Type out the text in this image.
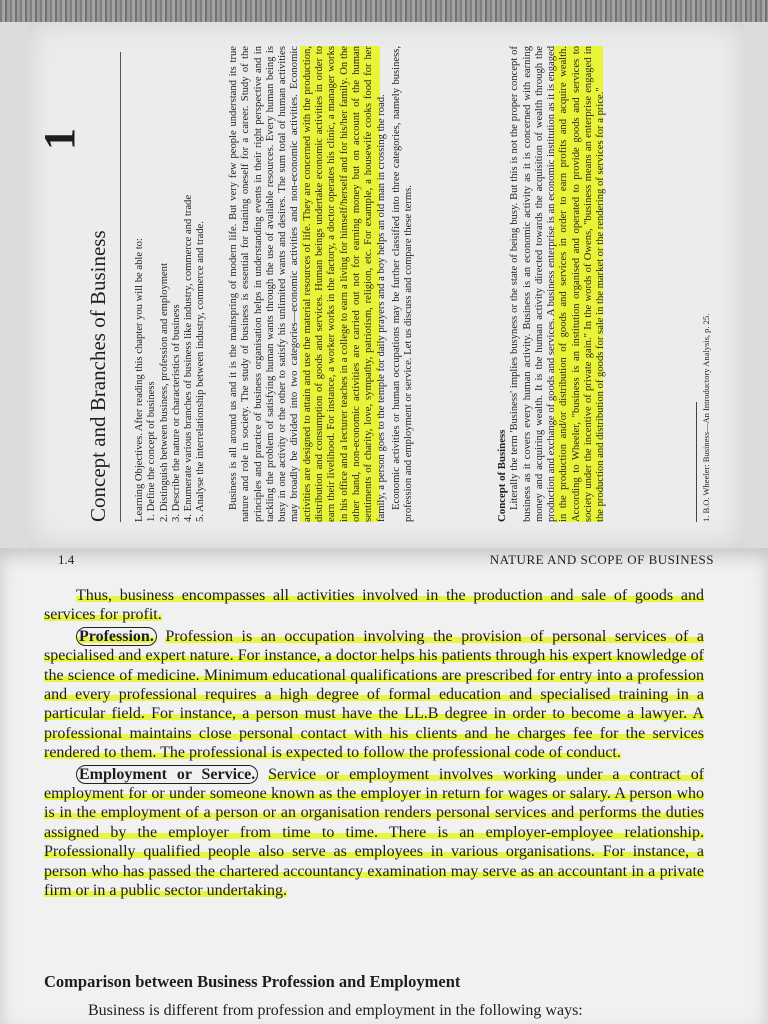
1
Concept and Branches of Business Learning Objectives. After reading this chapter you will be able to: 1. Define the concept of business 2. Distinguish between business, profession and employment 3. Describe the nature or characteristics of business 4. Enumerate various branches of business like industry, commerce and trade 5. Analyse the interrelationship between industry, commerce and trade. Business is all around us and it is the mainspring of modern life. But very few people understand its true nature and role in society. The study of business is essential for training oneself for a career. Study of the principles and practice of business organisation helps in understanding events in their right perspective and in tackling the problem of satisfying human wants through the use of available resources. Every human being is busy in one activity or the other to satisfy his unlimited wants and desires. The sum total of human activities may broadly be divided into two categories—economic activities and non-economic activities. Economic activities are designed to attain and use the material resources of life. They are concerned with the production, distribution and consumption of goods and services. Human beings undertake economic activities in order to earn their livelihood. For instance, a worker works in the factory, a doctor operates his clinic, a manager works in his office and a lecturer teaches in a college to earn a living for himself/herself and for his/her family. On the other hand, non-economic activities are carried out not for earning money but on account of the human sentiments of charity, love, sympathy, patriotism, religion, etc. For example, a housewife cooks food for her family, a person goes to the temple for daily prayers and a boy helps an old man in crossing the road. Economic activities or human occupations may be further classified into three categories, namely business, profession and employment or service. Let us discuss and compare these terms.	Concept of Business Literally the term 'Business' implies busyness or the state of being busy. But this is not the proper concept of business as it covers every human activity. Business is an economic activity as it is concerned with earning money and acquiring wealth. It is the human activity directed towards the acquisition of wealth through the production and exchange of goods and services. A business enterprise is an economic institution as it is engaged in the production and/or distribution of goods and services in order to earn profits and acquire wealth. According to Wheeler, "business is an institution organised and operated to provide goods and services to society under the incentive of private gain." In the words of Owens, "business means an enterprise engaged in the production and distribution of goods for sale in the market or the rendering of services for a price."	1. B.O. Wheeler: Business—An Introductory Analysis, p. 25.
1.4	NATURE AND SCOPE OF BUSINESS

Thus, business encompasses all activities involved in the production and sale of goods and services for profit.

Profession. Profession is an occupation involving the provision of personal services of a specialised and expert nature. For instance, a doctor helps his patients through his expert knowledge of the science of medicine. Minimum educational qualifications are prescribed for entry into a profession and every professional requires a high degree of formal education and specialised training in a particular field. For instance, a person must have the LL.B degree in order to become a lawyer. A professional maintains close personal contact with his clients and he charges fee for the services rendered to them. The professional is expected to follow the professional code of conduct.

Employment or Service. Service or employment involves working under a contract of employment for or under someone known as the employer in return for wages or salary. A person who is in the employment of a person or an organisation renders personal services and performs the duties assigned by the employer from time to time. There is an employer-employee relationship. Professionally qualified people also serve as employees in various organisations. For instance, a person who has passed the chartered accountancy examination may serve as an accountant in a private firm or in a public sector undertaking.

Comparison between Business Profession and Employment
Business is different from profession and employment in the following ways:
